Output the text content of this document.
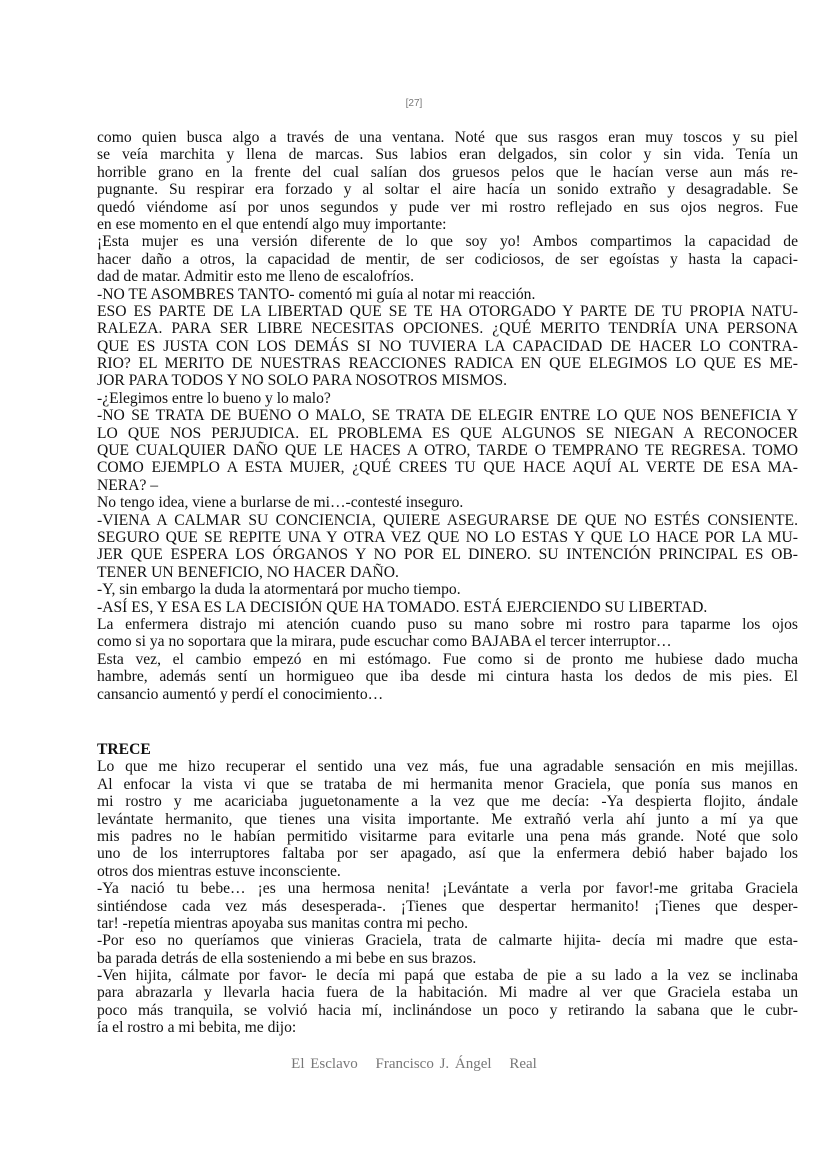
[27]
como quien busca algo a través de una ventana. Noté que sus rasgos eran muy toscos y su piel
se veía marchita y llena de marcas. Sus labios eran delgados, sin color y sin vida. Tenía un
horrible grano en la frente del cual salían dos gruesos pelos que le hacían verse aun más re-
pugnante. Su respirar era forzado y al soltar el aire hacía un sonido extraño y desagradable. Se
quedó viéndome así por unos segundos y pude ver mi rostro reflejado en sus ojos negros. Fue
en ese momento en el que entendí algo muy importante:
¡Esta mujer es una versión diferente de lo que soy yo! Ambos compartimos la capacidad de
hacer daño a otros, la capacidad de mentir, de ser codiciosos, de ser egoístas y hasta la capaci-
dad de matar. Admitir esto me lleno de escalofríos.
-NO TE ASOMBRES TANTO- comentó mi guía al notar mi reacción.
ESO ES PARTE DE LA LIBERTAD QUE SE TE HA OTORGADO Y PARTE DE TU PROPIA NATU-
RALEZA. PARA SER LIBRE NECESITAS OPCIONES. ¿QUÉ MERITO TENDRÍA UNA PERSONA
QUE ES JUSTA CON LOS DEMÁS SI NO TUVIERA LA CAPACIDAD DE HACER LO CONTRA-
RIO? EL MERITO DE NUESTRAS REACCIONES RADICA EN QUE ELEGIMOS LO QUE ES ME-
JOR PARA TODOS Y NO SOLO PARA NOSOTROS MISMOS.
-¿Elegimos entre lo bueno y lo malo?
-NO SE TRATA DE BUENO O MALO, SE TRATA DE ELEGIR ENTRE LO QUE NOS BENEFICIA Y
LO QUE NOS PERJUDICA. EL PROBLEMA ES QUE ALGUNOS SE NIEGAN A RECONOCER
QUE CUALQUIER DAÑO QUE LE HACES A OTRO, TARDE O TEMPRANO TE REGRESA. TOMO
COMO EJEMPLO A ESTA MUJER, ¿QUÉ CREES TU QUE HACE AQUÍ AL VERTE DE ESA MA-
NERA? –
No tengo idea, viene a burlarse de mi…-contesté inseguro.
-VIENA A CALMAR SU CONCIENCIA, QUIERE ASEGURARSE DE QUE NO ESTÉS CONSIENTE.
SEGURO QUE SE REPITE UNA Y OTRA VEZ QUE NO LO ESTAS Y QUE LO HACE POR LA MU-
JER QUE ESPERA LOS ÓRGANOS Y NO POR EL DINERO. SU INTENCIÓN PRINCIPAL ES OB-
TENER UN BENEFICIO, NO HACER DAÑO.
-Y, sin embargo la duda la atormentará por mucho tiempo.
-ASÍ ES, Y ESA ES LA DECISIÓN QUE HA TOMADO. ESTÁ EJERCIENDO SU LIBERTAD.
La enfermera distrajo mi atención cuando puso su mano sobre mi rostro para taparme los ojos
como si ya no soportara que la mirara, pude escuchar como BAJABA el tercer interruptor…
Esta vez, el cambio empezó en mi estómago. Fue como si de pronto me hubiese dado mucha
hambre, además sentí un hormigueo que iba desde mi cintura hasta los dedos de mis pies. El
cansancio aumentó y perdí el conocimiento…
TRECE
Lo que me hizo recuperar el sentido una vez más, fue una agradable sensación en mis mejillas.
Al enfocar la vista vi que se trataba de mi hermanita menor Graciela, que ponía sus manos en
mi rostro y me acariciaba juguetonamente a la vez que me decía: -Ya despierta flojito, ándale
levántate hermanito, que tienes una visita importante. Me extrañó verla ahí junto a mí ya que
mis padres no le habían permitido visitarme para evitarle una pena más grande. Noté que solo
uno de los interruptores faltaba por ser apagado, así que la enfermera debió haber bajado los
otros dos mientras estuve inconsciente.
-Ya nació tu bebe… ¡es una hermosa nenita! ¡Levántate a verla por favor!-me gritaba Graciela
sintiéndose cada vez más desesperada-. ¡Tienes que despertar hermanito! ¡Tienes que desper-
tar! -repetía mientras apoyaba sus manitas contra mi pecho.
-Por eso no queríamos que vinieras Graciela, trata de calmarte hijita- decía mi madre que esta-
ba parada detrás de ella sosteniendo a mi bebe en sus brazos.
-Ven hijita, cálmate por favor- le decía mi papá que estaba de pie a su lado a la vez se inclinaba
para abrazarla y llevarla hacia fuera de la habitación. Mi madre al ver que Graciela estaba un
poco más tranquila, se volvió hacia mí, inclinándose un poco y retirando la sabana que le cubr-
ía el rostro a mi bebita, me dijo:
El Esclavo Francisco J. Ángel Real
